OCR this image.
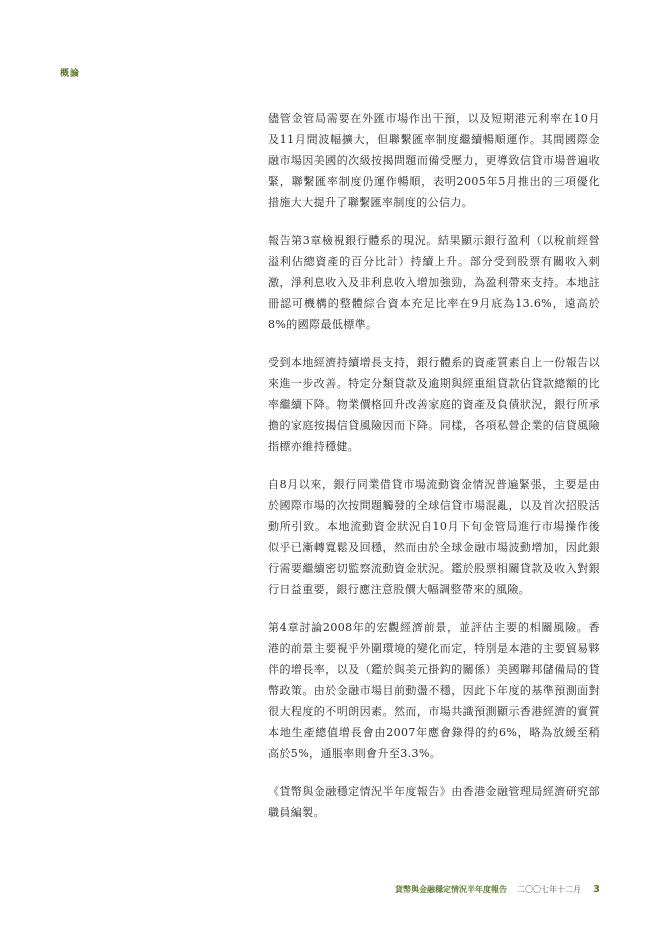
概論

儘管金管局需要在外匯市場作出干預，以及短期港元利率在10月及11月間波幅擴大，但聯繫匯率制度繼續暢順運作。其間國際金融市場因美國的次級按揭問題而備受壓力，更導致信貸市場普遍收緊，聯繫匯率制度仍運作暢順，表明2005年5月推出的三項優化措施大大提升了聯繫匯率制度的公信力。

報告第3章檢視銀行體系的現況。結果顯示銀行盈利（以稅前經營溢利佔總資產的百分比計）持續上升。部分受到股票有關收入刺激，淨利息收入及非利息收入增加強勁，為盈利帶來支持。本地註冊認可機構的整體綜合資本充足比率在9月底為13.6%，遠高於8%的國際最低標準。

受到本地經濟持續增長支持，銀行體系的資產質素自上一份報告以來進一步改善。特定分類貸款及逾期與經重組貸款佔貸款總額的比率繼續下降。物業價格回升改善家庭的資產及負債狀況，銀行所承擔的家庭按揭信貸風險因而下降。同樣，各項私營企業的信貸風險指標亦維持穩健。

自8月以來，銀行同業借貸市場流動資金情況普遍緊張，主要是由於國際市場的次按問題觸發的全球信貸市場混亂，以及首次招股活動所引致。本地流動資金狀況自10月下旬金管局進行市場操作後似乎已漸轉寬鬆及回穩，然而由於全球金融市場波動增加，因此銀行需要繼續密切監察流動資金狀況。鑑於股票相關貸款及收入對銀行日益重要，銀行應注意股價大幅調整帶來的風險。

第4章討論2008年的宏觀經濟前景，並評估主要的相關風險。香港的前景主要視乎外圍環境的變化而定，特別是本港的主要貿易夥伴的增長率，以及（鑑於與美元掛鈎的關係）美國聯邦儲備局的貨幣政策。由於金融市場目前動盪不穩，因此下年度的基準預測面對很大程度的不明朗因素。然而，市場共識預測顯示香港經濟的實質本地生產總值增長會由2007年應會錄得的約6%，略為放緩至稍高於5%，通脹率則會升至3.3%。

《貨幣與金融穩定情況半年度報告》由香港金融管理局經濟研究部職員編製。

貨幣與金融穩定情況半年度報告 二〇〇七年十二月 3
